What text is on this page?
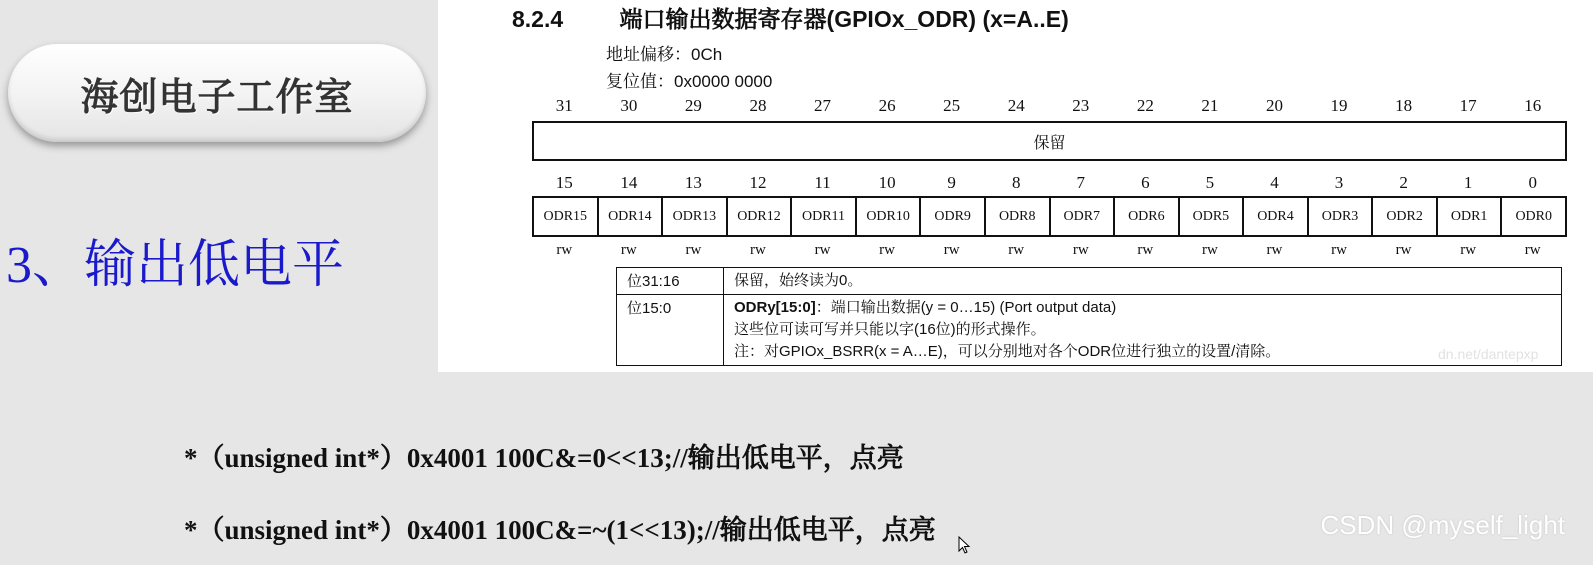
海创电子工作室
3、输出低电平
8.2.4 端口输出数据寄存器(GPIOx_ODR) (x=A..E)
地址偏移：0Ch
复位值：0x0000 0000
31	30	29	28	27	26	25	24	23	22	21	20	19	18	17	16
保留
15	14	13	12	11	10	9	8	7	6	5	4	3	2	1	0
ODR15	ODR14	ODR13	ODR12	ODR11	ODR10	ODR9	ODR8	ODR7	ODR6	ODR5	ODR4	ODR3	ODR2	ODR1	ODR0
rw	rw	rw	rw	rw	rw	rw	rw	rw	rw	rw	rw	rw	rw	rw	rw
位31:16	保留，始终读为0。

位15:0	ODRy[15:0]：端口输出数据(y = 0…15) (Port output data)
这些位可读可写并只能以字(16位)的形式操作。
注：对GPIOx_BSRR(x = A…E)，可以分别地对各个ODR位进行独立的设置/清除。	dn.net/dantepxp
*（unsigned int*）0x4001 100C&=0<<13;//输出低电平，点亮
*（unsigned int*）0x4001 100C&=~(1<<13);//输出低电平，点亮	CSDN @myself_light
